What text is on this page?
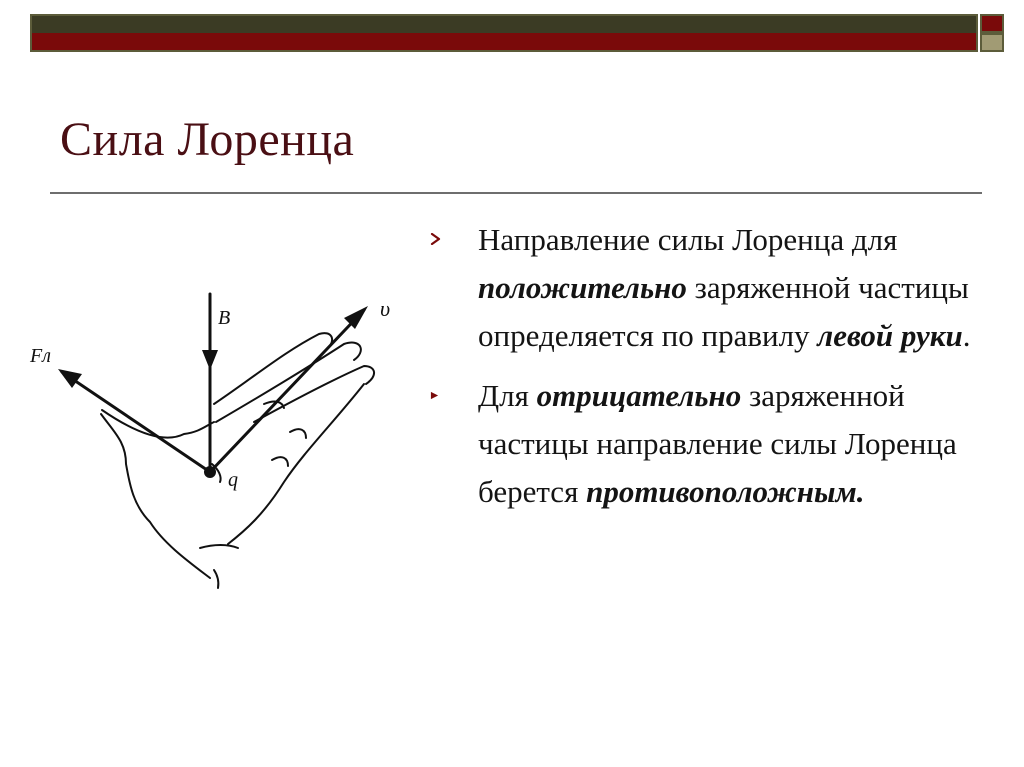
Сила Лоренца
Fл
B	υ
q
Направление силы Лоренца для положительно заряженной частицы определяется по правилу левой руки.
Для отрицательно заряженной частицы направление силы Лоренца берется противоположным.
